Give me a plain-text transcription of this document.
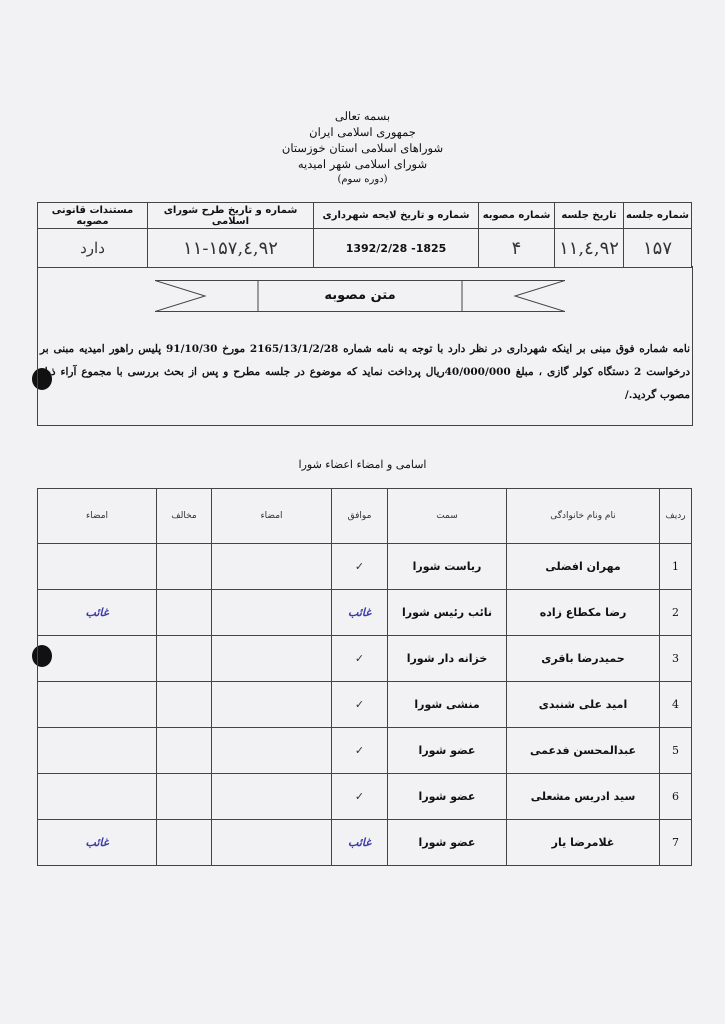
بسمه تعالی
جمهوری اسلامی ایران
شوراهای اسلامی استان خوزستان
شورای اسلامی شهر امیدیه
(دوره سوم)
شماره جلسه	تاریخ جلسه	شماره مصوبه	شماره و تاریخ لایحه شهرداری	شماره و تاریخ طرح شورای اسلامی	مستندات قانونی مصوبه
۱۵۷	۹۲,٤,۱۱	۴	1392/2/28 -1825	۹۲,٤,۱۱-۱۵۷	دارد
متن مصوبه
نامه شماره فوق مبنی بر اینکه شهرداری در نظر دارد با توجه به نامه شماره 2165/13/1/2/28 مورخ 91/10/30 پلیس راهور امیدیه مبنی بر درخواست 2 دستگاه کولر گازی ، مبلغ 40/000/000ریال پرداخت نماید که موضوع در جلسه مطرح و پس از بحث بررسی با مجموع آراء ذیل مصوب گردید./
اسامی و امضاء اعضاء شورا
ردیف	نام ونام خانوادگی	سمت	موافق	امضاء	مخالف	امضاء
1	مهران افضلی	ریاست شورا	✓			
2	رضا مکطاع زاده	نائب رئیس شورا	غائب			غائب
3	حمیدرضا باقری	خزانه دار شورا	✓			
4	امید علی شنبدی	منشی شورا	✓			
5	عبدالمحسن فدعمی	عضو شورا	✓			
6	سید ادریس مشعلی	عضو شورا	✓			
7	غلامرضا یار	عضو شورا	غائب			غائب
